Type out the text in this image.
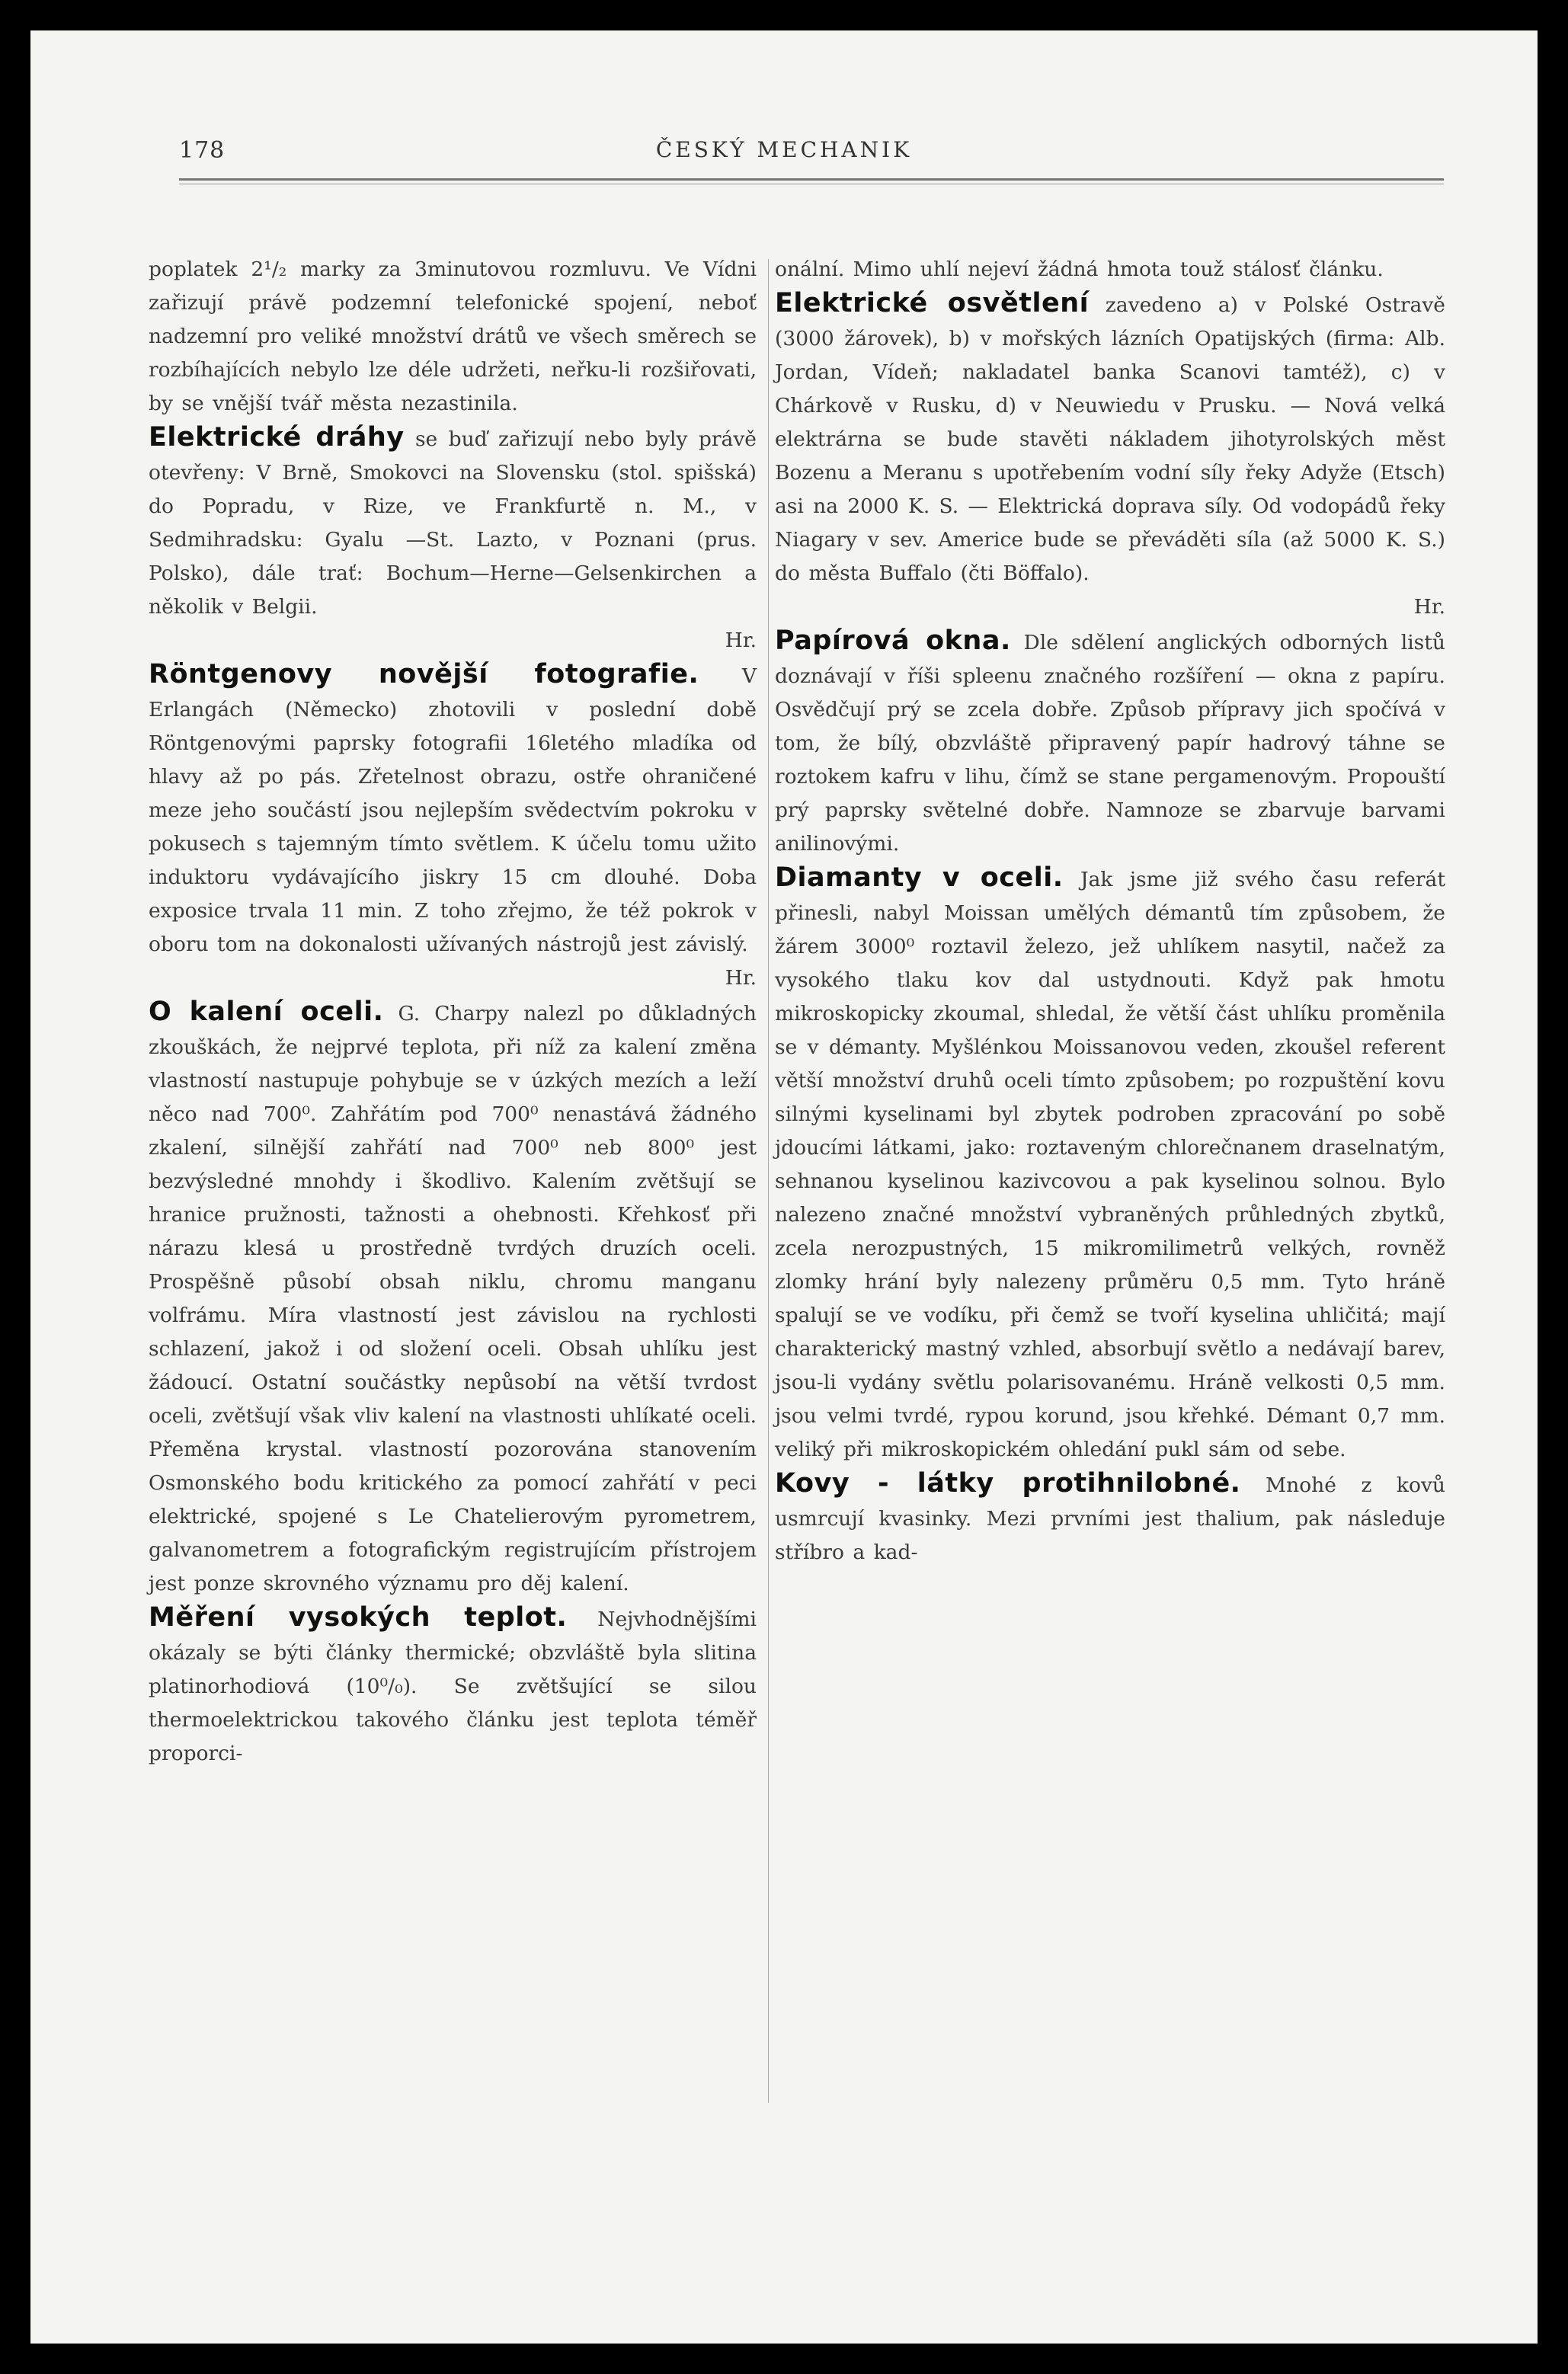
178	ČESKÝ MECHANIK

poplatek 2¹/₂ marky za 3minutovou rozmluvu. Ve Vídni zařizují právě podzemní telefonické spojení, neboť nadzemní pro veliké množství drátů ve všech směrech se rozbíhajících nebylo lze déle udržeti, neřku-li rozšiřovati, by se vnější tvář města nezastinila.

Elektrické dráhy se buď zařizují nebo byly právě otevřeny: V Brně, Smokovci na Slovensku (stol. spišská) do Popradu, v Rize, ve Frankfurtě n. M., v Sedmihradsku: Gyalu —St. Lazto, v Poznani (prus. Polsko), dále trať: Bochum—Herne—Gelsenkirchen a několik v Belgii.

Hr.

Röntgenovy novější fotografie. V Erlangách (Německo) zhotovili v poslední době Röntgenovými paprsky fotografii 16letého mladíka od hlavy až po pás. Zřetelnost obrazu, ostře ohraničené meze jeho součástí jsou nejlepším svědectvím pokroku v pokusech s tajemným tímto světlem. K účelu tomu užito induktoru vydávajícího jiskry 15 cm dlouhé. Doba exposice trvala 11 min. Z toho zřejmo, že též pokrok v oboru tom na dokonalosti užívaných nástrojů jest závislý.

Hr.

O kalení oceli. G. Charpy nalezl po důkladných zkouškách, že nejprvé teplota, při níž za kalení změna vlastností nastupuje pohybuje se v úzkých mezích a leží něco nad 700⁰. Zahřátím pod 700⁰ nenastává žádného zkalení, silnější zahřátí nad 700⁰ neb 800⁰ jest bezvýsledné mnohdy i škodlivo. Kalením zvětšují se hranice pružnosti, tažnosti a ohebnosti. Křehkosť při nárazu klesá u prostředně tvrdých druzích oceli. Prospěšně působí obsah niklu, chromu manganu volfrámu. Míra vlastností jest závislou na rychlosti schlazení, jakož i od složení oceli. Obsah uhlíku jest žádoucí. Ostatní součástky nepůsobí na větší tvrdost oceli, zvětšují však vliv kalení na vlastnosti uhlíkaté oceli. Přeměna krystal. vlastností pozorována stanovením Osmonského bodu kritického za pomocí zahřátí v peci elektrické, spojené s Le Chatelierovým pyrometrem, galvanometrem a fotografickým registrujícím přístrojem jest ponze skrovného významu pro děj kalení.

Měření vysokých teplot. Nejvhodnějšími okázaly se býti články thermické; obzvláště byla slitina platinorhodiová (10⁰/₀). Se zvětšující se silou thermoelektrickou takového článku jest teplota téměř proporci-

onální. Mimo uhlí nejeví žádná hmota touž stálosť článku.

Elektrické osvětlení zavedeno a) v Polské Ostravě (3000 žárovek), b) v mořských lázních Opatijských (firma: Alb. Jordan, Vídeň; nakladatel banka Scanovi tamtéž), c) v Chárkově v Rusku, d) v Neuwiedu v Prusku. — Nová velká elektrárna se bude stavěti nákladem jihotyrolských měst Bozenu a Meranu s upotřebením vodní síly řeky Adyže (Etsch) asi na 2000 K. S. — Elektrická doprava síly. Od vodopádů řeky Niagary v sev. Americe bude se převáděti síla (až 5000 K. S.) do města Buffalo (čti Böffalo).

Hr.

Papírová okna. Dle sdělení anglických odborných listů doznávají v říši spleenu značného rozšíření — okna z papíru. Osvědčují prý se zcela dobře. Způsob přípravy jich spočívá v tom, že bílý, obzvláště připravený papír hadrový táhne se roztokem kafru v lihu, čímž se stane pergamenovým. Propouští prý paprsky světelné dobře. Namnoze se zbarvuje barvami anilinovými.

Diamanty v oceli. Jak jsme již svého času referát přinesli, nabyl Moissan umělých démantů tím způsobem, že žárem 3000⁰ roztavil železo, jež uhlíkem nasytil, načež za vysokého tlaku kov dal ustydnouti. Když pak hmotu mikroskopicky zkoumal, shledal, že větší část uhlíku proměnila se v démanty. Myšlénkou Moissanovou veden, zkoušel referent větší množství druhů oceli tímto způsobem; po rozpuštění kovu silnými kyselinami byl zbytek podroben zpracování po sobě jdoucími látkami, jako: roztaveným chlorečnanem draselnatým, sehnanou kyselinou kazivcovou a pak kyselinou solnou. Bylo nalezeno značné množství vybraněných průhledných zbytků, zcela nerozpustných, 15 mikromilimetrů velkých, rovněž zlomky hrání byly nalezeny průměru 0,5 mm. Tyto hráně spalují se ve vodíku, při čemž se tvoří kyselina uhličitá; mají charakterický mastný vzhled, absorbují světlo a nedávají barev, jsou-li vydány světlu polarisovanému. Hráně velkosti 0,5 mm. jsou velmi tvrdé, rypou korund, jsou křehké. Démant 0,7 mm. veliký při mikroskopickém ohledání pukl sám od sebe.

Kovy - látky protihnilobné. Mnohé z kovů usmrcují kvasinky. Mezi prvními jest thalium, pak následuje stříbro a kad-
